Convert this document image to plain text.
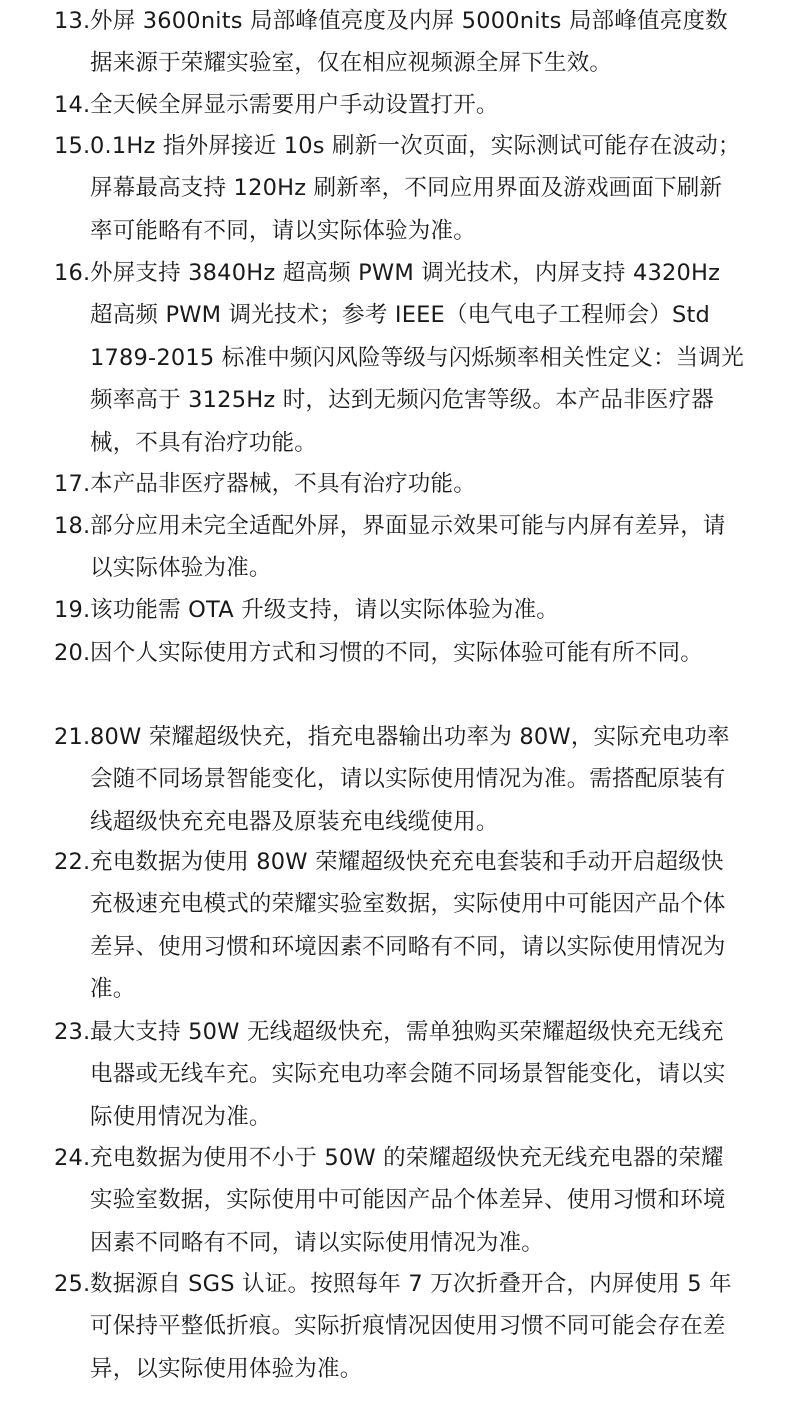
13. 外屏 3600nits 局部峰值亮度及内屏 5000nits 局部峰值亮度数据来源于荣耀实验室，仅在相应视频源全屏下生效。
14. 全天候全屏显示需要用户手动设置打开。
15. 0.1Hz 指外屏接近 10s 刷新一次页面，实际测试可能存在波动；屏幕最高支持 120Hz 刷新率，不同应用界面及游戏画面下刷新率可能略有不同，请以实际体验为准。
16. 外屏支持 3840Hz 超高频 PWM 调光技术，内屏支持 4320Hz 超高频 PWM 调光技术；参考 IEEE（电气电子工程师会）Std 1789-2015 标准中频闪风险等级与闪烁频率相关性定义：当调光频率高于 3125Hz 时，达到无频闪危害等级。本产品非医疗器械，不具有治疗功能。
17. 本产品非医疗器械，不具有治疗功能。
18. 部分应用未完全适配外屏，界面显示效果可能与内屏有差异，请以实际体验为准。
19. 该功能需 OTA 升级支持，请以实际体验为准。
20. 因个人实际使用方式和习惯的不同，实际体验可能有所不同。
21. 80W 荣耀超级快充，指充电器输出功率为 80W，实际充电功率会随不同场景智能变化，请以实际使用情况为准。需搭配原装有线超级快充充电器及原装充电线缆使用。
22. 充电数据为使用 80W 荣耀超级快充充电套装和手动开启超级快充极速充电模式的荣耀实验室数据，实际使用中可能因产品个体差异、使用习惯和环境因素不同略有不同，请以实际使用情况为准。
23. 最大支持 50W 无线超级快充，需单独购买荣耀超级快充无线充电器或无线车充。实际充电功率会随不同场景智能变化，请以实际使用情况为准。
24. 充电数据为使用不小于 50W 的荣耀超级快充无线充电器的荣耀实验室数据，实际使用中可能因产品个体差异、使用习惯和环境因素不同略有不同，请以实际使用情况为准。
25. 数据源自 SGS 认证。按照每年 7 万次折叠开合，内屏使用 5 年可保持平整低折痕。实际折痕情况因使用习惯不同可能会存在差异，以实际使用体验为准。
